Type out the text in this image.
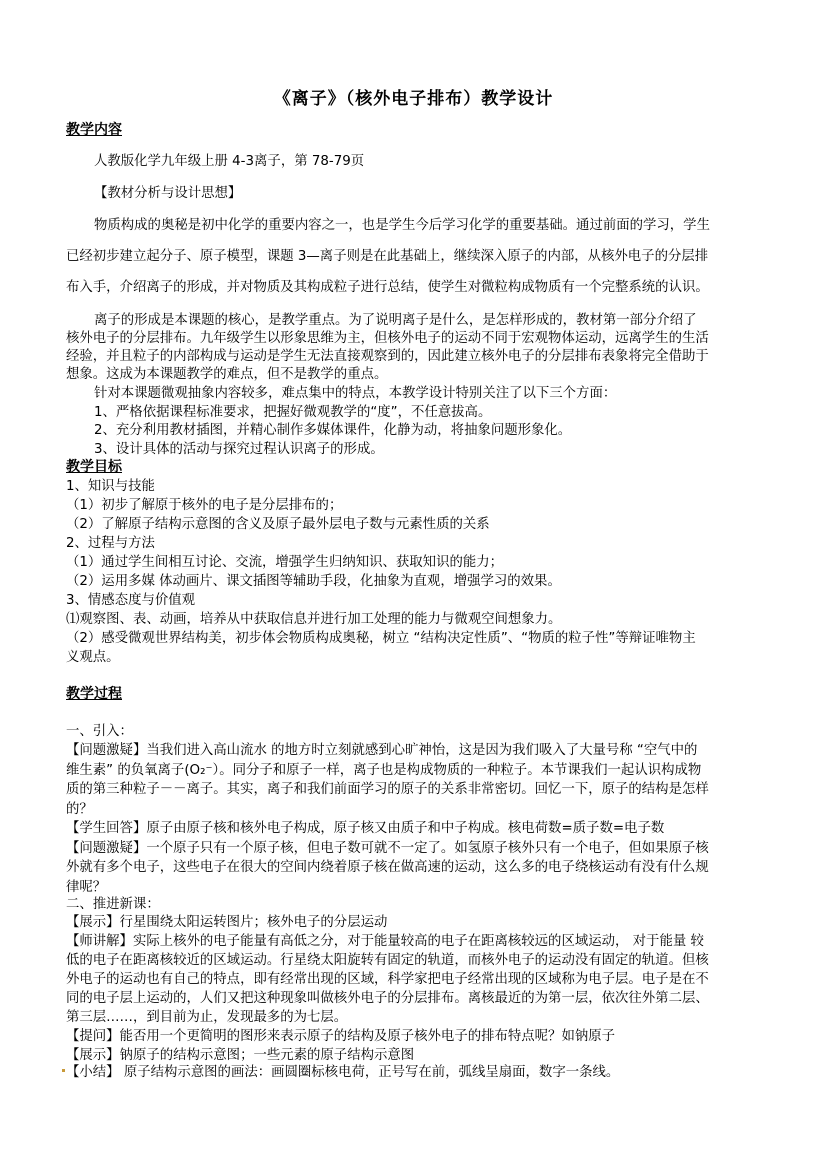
《离子》（核外电子排布）教学设计
教学内容
人教版化学九年级上册 4-3离子，第 78-79页
【教材分析与设计思想】
物质构成的奥秘是初中化学的重要内容之一，也是学生今后学习化学的重要基础。通过前面的学习，学生
已经初步建立起分子、原子模型，课题 3—离子则是在此基础上，继续深入原子的内部，从核外电子的分层排
布入手，介绍离子的形成，并对物质及其构成粒子进行总结，使学生对微粒构成物质有一个完整系统的认识。
离子的形成是本课题的核心，是教学重点。为了说明离子是什么，是怎样形成的，教材第一部分介绍了
核外电子的分层排布。九年级学生以形象思维为主，但核外电子的运动不同于宏观物体运动，远离学生的生活
经验，并且粒子的内部构成与运动是学生无法直接观察到的，因此建立核外电子的分层排布表象将完全借助于
想象。这成为本课题教学的难点，但不是教学的重点。
针对本课题微观抽象内容较多，难点集中的特点，本教学设计特别关注了以下三个方面：
1、严格依据课程标准要求，把握好微观教学的“度”，不任意拔高。
2、充分利用教材插图，并精心制作多媒体课件，化静为动，将抽象问题形象化。
3、设计具体的活动与探究过程认识离子的形成。
教学目标
1、知识与技能
（1）初步了解原于核外的电子是分层排布的；
（2）了解原子结构示意图的含义及原子最外层电子数与元素性质的关系
2、过程与方法
（1）通过学生间相互讨论、交流，增强学生归纳知识、获取知识的能力；
（2）运用多媒 体动画片、课文插图等辅助手段，化抽象为直观，增强学习的效果。
3、情感态度与价值观
⑴观察图、表、动画，培养从中获取信息并进行加工处理的能力与微观空间想象力。
（2）感受微观世界结构美，初步体会物质构成奥秘，树立 “结构决定性质”、“物质的粒子性”等辩证唯物主
义观点。
教学过程
一、引入：
【问题激疑】当我们进入高山流水 的地方时立刻就感到心旷神怡，这是因为我们吸入了大量号称 “空气中的
维生素” 的负氧离子(O₂⁻）。同分子和原子一样，离子也是构成物质的一种粒子。本节课我们一起认识构成物
质的第三种粒子－－离子。其实，离子和我们前面学习的原子的关系非常密切。回忆一下，原子的结构是怎样
的？
【学生回答】原子由原子核和核外电子构成，原子核又由质子和中子构成。核电荷数=质子数=电子数
【问题激疑】一个原子只有一个原子核，但电子数可就不一定了。如氢原子核外只有一个电子，但如果原子核
外就有多个电子，这些电子在很大的空间内绕着原子核在做高速的运动，这么多的电子绕核运动有没有什么规
律呢？
二、推进新课：
【展示】行星围绕太阳运转图片；核外电子的分层运动
【师讲解】实际上核外的电子能量有高低之分，对于能量较高的电子在距离核较远的区域运动， 对于能量 较
低的电子在距离核较近的区域运动。行星绕太阳旋转有固定的轨道，而核外电子的运动没有固定的轨道。但核
外电子的运动也有自己的特点，即有经常出现的区域，科学家把电子经常出现的区域称为电子层。电子是在不
同的电子层上运动的，人们又把这种现象叫做核外电子的分层排布。离核最近的为第一层，依次往外第二层、
第三层……，到目前为止，发现最多的为七层。
【提问】能否用一个更简明的图形来表示原子的结构及原子核外电子的排布特点呢？如钠原子
【展示】钠原子的结构示意图；一些元素的原子结构示意图
【小结】 原子结构示意图的画法：画圆圈标核电荷，正号写在前，弧线呈扇面，数字一条线。
